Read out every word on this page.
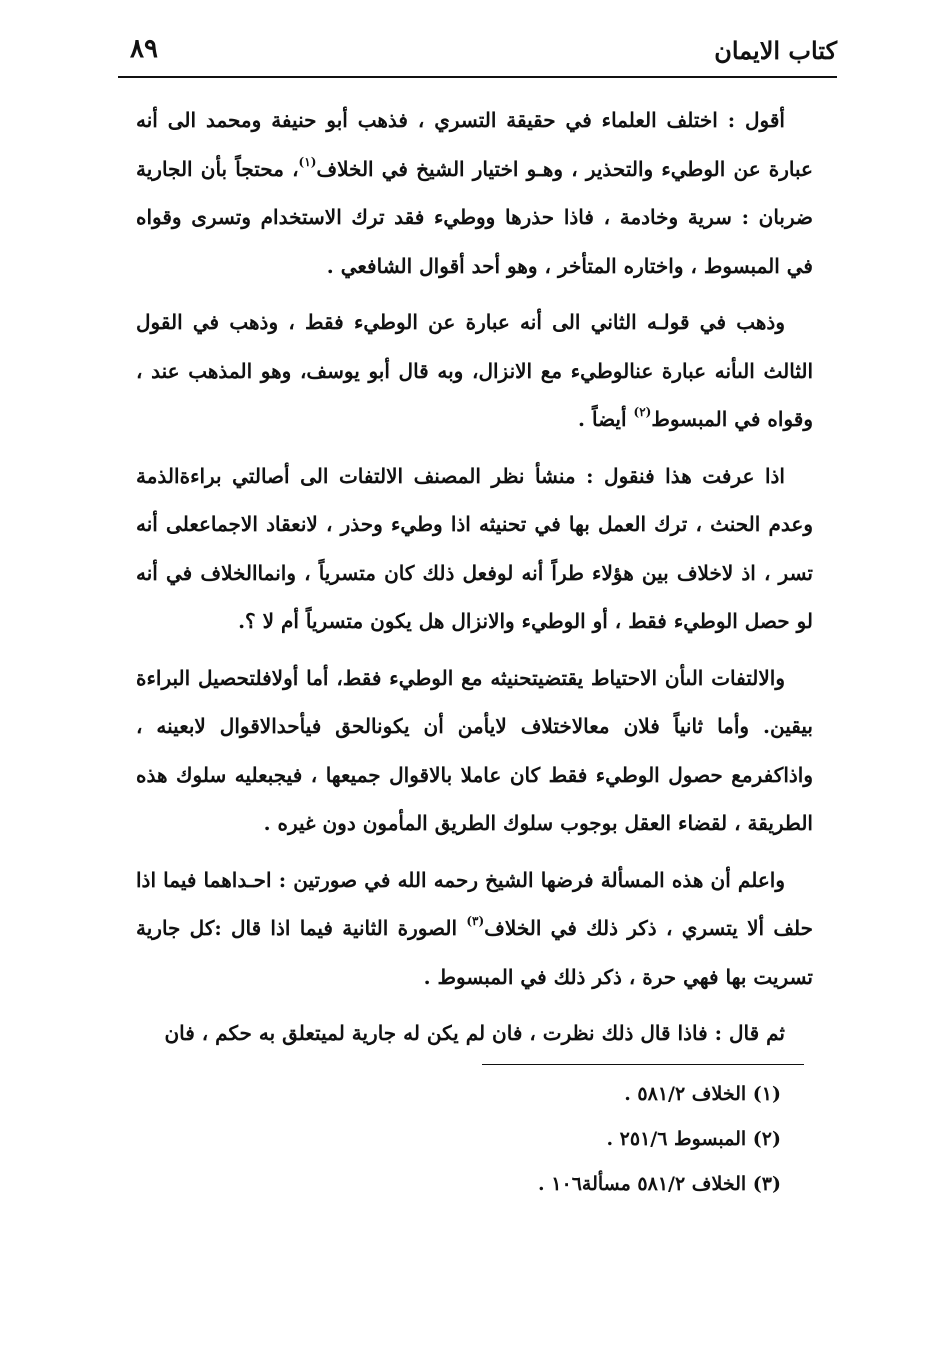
كتاب الايمان
٨٩

أقول : اختلف العلماء في حقيقة التسري ، فذهب أبو حنيفة ومحمد الى أنه عبارة عن الوطيء والتحذير ، وهـو اختيار الشيخ في الخلاف$^{(١)}$، محتجاً بأن الجارية ضربان : سرية وخادمة ، فاذا حذرها ووطيء فقد ترك الاستخدام وتسرى وقواه في المبسوط ، واختاره المتأخر ، وهو أحد أقوال الشافعي .

وذهب في قولـه الثاني الى أنه عبارة عن الوطيء فقط ، وذهب في القول الثالث الىأنه عبارة عنالوطيء مع الانزال، وبه قال أبو يوسف، وهو المذهب عند ، وقواه في المبسوط$^{(٢)}$ أيضاً .

اذا عرفت هذا فنقول : منشأ نظر المصنف الالتفات الى أصالتي براءةالذمة وعدم الحنث ، ترك العمل بها في تحنيثه اذا وطيء وحذر ، لانعقاد الاجماععلى أنه تسر ، اذ لاخلاف بين هؤلاء طراً أنه لوفعل ذلك كان متسرياً ، وانماالخلاف في أنه لو حصل الوطيء فقط ، أو الوطيء والانزال هل يكون متسرياً أم لا ؟.

والالتفات الىأن الاحتياط يقتضيتحنيثه مع الوطيء فقط، أما أولافلتحصيل البراءة بيقين. وأما ثانياً فلان معالاختلاف لايأمن أن يكونالحق فيأحدالاقوال لابعينه ، واذاكفرمع حصول الوطيء فقط كان عاملا بالاقوال جميعها ، فيجبعليه سلوك هذه الطريقة ، لقضاء العقل بوجوب سلوك الطريق المأمون دون غيره .

واعلم أن هذه المسألة فرضها الشيخ رحمه الله في صورتين : احـداهما فيما اذا حلف ألا يتسري ، ذكر ذلك في الخلاف$^{(٣)}$ الصورة الثانية فيما اذا قال :كل جارية تسريت بها فهي حرة ، ذكر ذلك في المبسوط .

ثم قال : فاذا قال ذلك نظرت ، فان لم يكن له جارية لميتعلق به حكم ، فان

(١) الخلاف ٥٨١/٢ .
(٢) المبسوط ٢٥١/٦ .
(٣) الخلاف ٥٨١/٢ مسألة١٠٦ .
